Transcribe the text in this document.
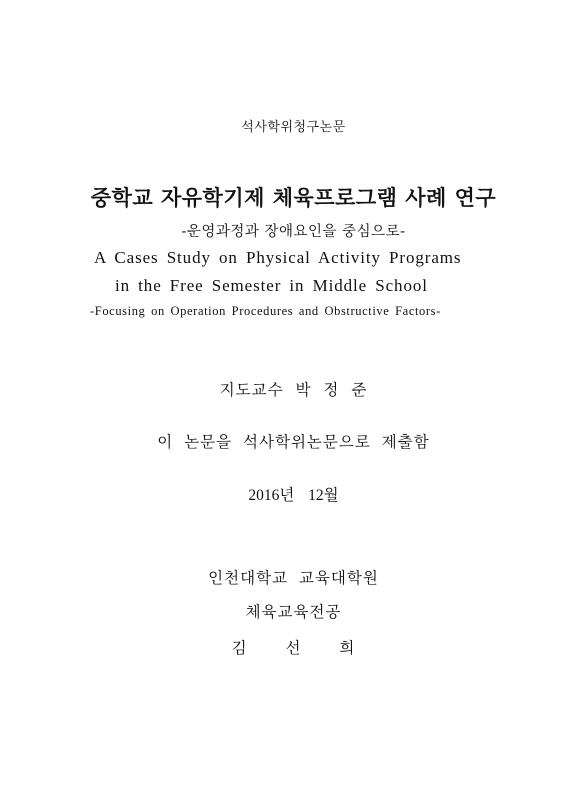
석사학위청구논문

중학교 자유학기제 체육프로그램 사례 연구

-운영과정과 장애요인을 중심으로-

A Cases Study on Physical Activity Programs

in the Free Semester in Middle School

-Focusing on Operation Procedures and Obstructive Factors-

지도교수 박 정 준

이 논문을 석사학위논문으로 제출함

2016년 12월

인천대학교 교육대학원

체육교육전공

김 선 희
